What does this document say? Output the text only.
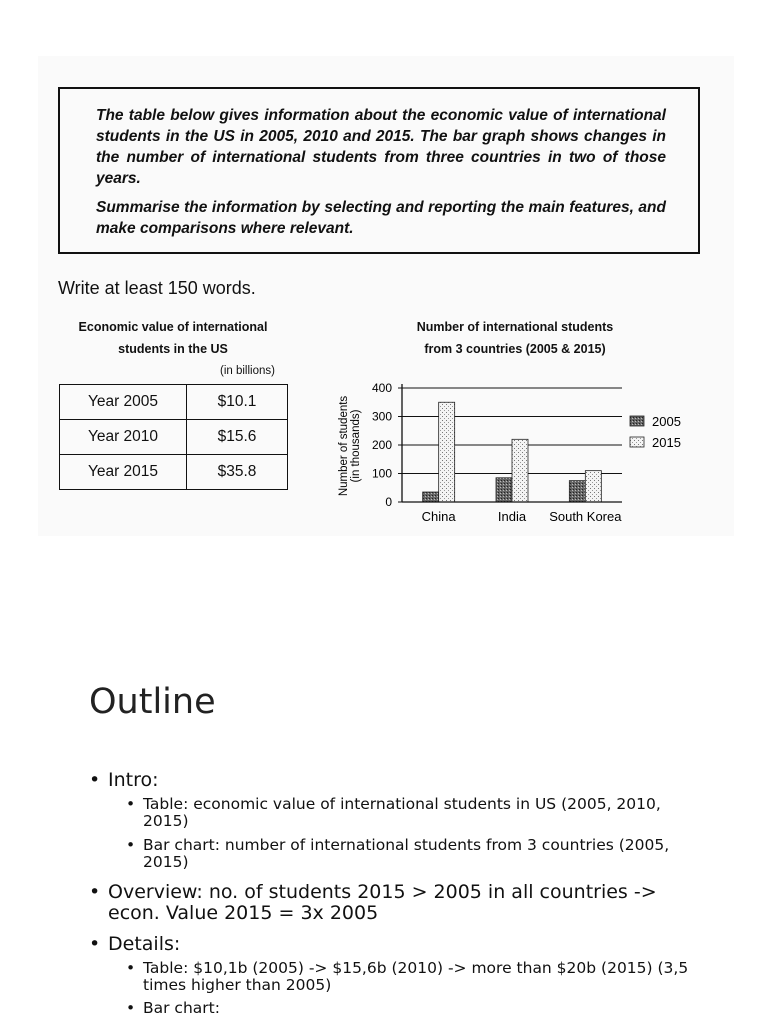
The table below gives information about the economic value of international students in the US in 2005, 2010 and 2015. The bar graph shows changes in the number of international students from three countries in two of those years.

Summarise the information by selecting and reporting the main features, and make comparisons where relevant.

Write at least 150 words.
Economic value of international
students in the US
(in billions)
Year 2005	$10.1
Year 2010	$15.6
Year 2015	$35.8
Number of international students
from 3 countries (2005 & 2015)
0
100
200
300
400
China	India South Korea
Number of students (in thousands)	2005
2015
Outline
• Intro:
• Table: economic value of international students in US (2005, 2010, 2015)
• Bar chart: number of international students from 3 countries (2005, 2015)
• Overview: no. of students 2015 > 2005 in all countries -> econ. Value 2015 = 3x 2005
• Details:
• Table: $10,1b (2005) -> $15,6b (2010) -> more than $20b (2015) (3,5 times higher than 2005)
• Bar chart:
